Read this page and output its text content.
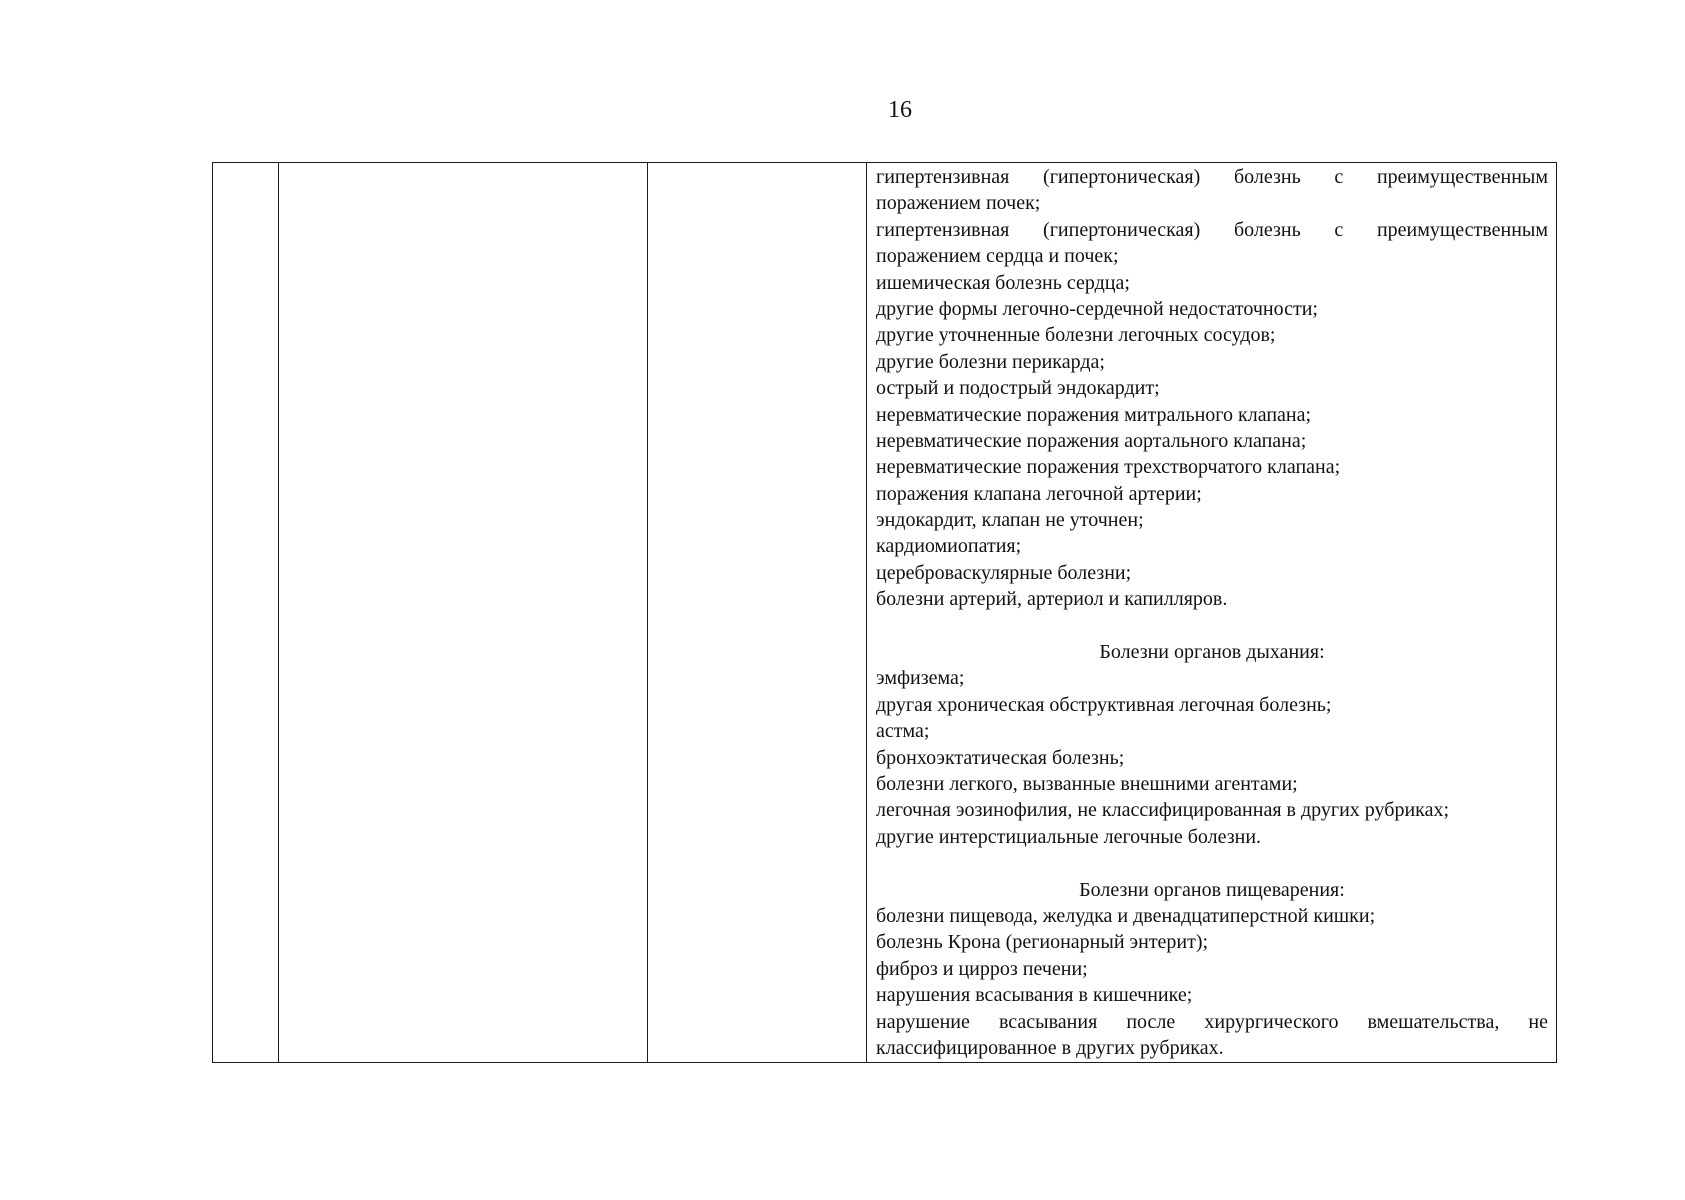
16
гипертензивная (гипертоническая) болезнь с преимущественным
поражением почек;
гипертензивная (гипертоническая) болезнь с преимущественным
поражением сердца и почек;
ишемическая болезнь сердца;
другие формы легочно-сердечной недостаточности;
другие уточненные болезни легочных сосудов;
другие болезни перикарда;
острый и подострый эндокардит;
неревматические поражения митрального клапана;
неревматические поражения аортального клапана;
неревматические поражения трехстворчатого клапана;
поражения клапана легочной артерии;
эндокардит, клапан не уточнен;
кардиомиопатия;
цереброваскулярные болезни;
болезни артерий, артериол и капилляров.
Болезни органов дыхания:
эмфизема;
другая хроническая обструктивная легочная болезнь;
астма;
бронхоэктатическая болезнь;
болезни легкого, вызванные внешними агентами;
легочная эозинофилия, не классифицированная в других рубриках;
другие интерстициальные легочные болезни.
Болезни органов пищеварения:
болезни пищевода, желудка и двенадцатиперстной кишки;
болезнь Крона (регионарный энтерит);
фиброз и цирроз печени;
нарушения всасывания в кишечнике;
нарушение всасывания после хирургического вмешательства, не
классифицированное в других рубриках.
